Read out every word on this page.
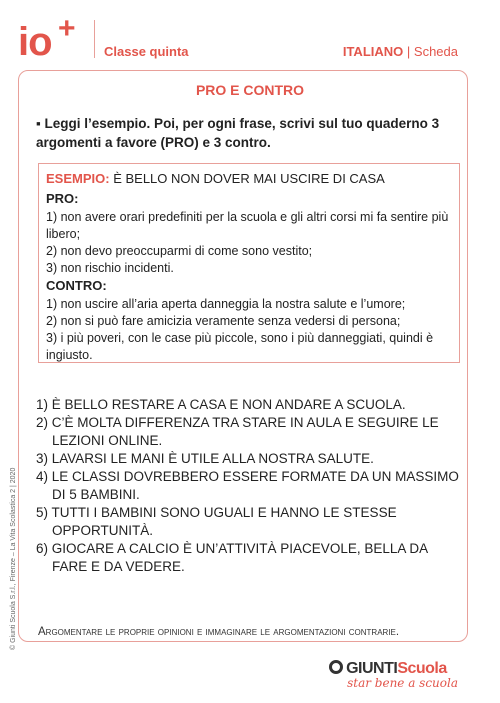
io +
Classe quinta	ITALIANO | Scheda
PRO E CONTRO
▪ Leggi l’esempio. Poi, per ogni frase, scrivi sul tuo quaderno 3 argomenti a favore (PRO) e 3 contro.
ESEMPIO: È BELLO NON DOVER MAI USCIRE DI CASA
PRO:
1) non avere orari predefiniti per la scuola e gli altri corsi mi fa sentire più libero;
2) non devo preoccuparmi di come sono vestito;
3) non rischio incidenti.
CONTRO:
1) non uscire all’aria aperta danneggia la nostra salute e l’umore;
2) non si può fare amicizia veramente senza vedersi di persona;
3) i più poveri, con le case più piccole, sono i più danneggiati, quindi è ingiusto.
1) È BELLO RESTARE A CASA E NON ANDARE A SCUOLA.
2) C’È MOLTA DIFFERENZA TRA STARE IN AULA E SEGUIRE LE LEZIONI ONLINE.
3) LAVARSI LE MANI È UTILE ALLA NOSTRA SALUTE.
4) LE CLASSI DOVREBBERO ESSERE FORMATE DA UN MASSIMO DI 5 BAMBINI.
5) TUTTI I BAMBINI SONO UGUALI E HANNO LE STESSE OPPORTUNITÀ.
6) GIOCARE A CALCIO È UN’ATTIVITÀ PIACEVOLE, BELLA DA FARE E DA VEDERE.
Argomentare le proprie opinioni e immaginare le argomentazioni contrarie.
© Giunti Scuola S.r.l., Firenze – La Vita Scolastica 2 | 2020
GIUNTIScuola
star bene a scuola
